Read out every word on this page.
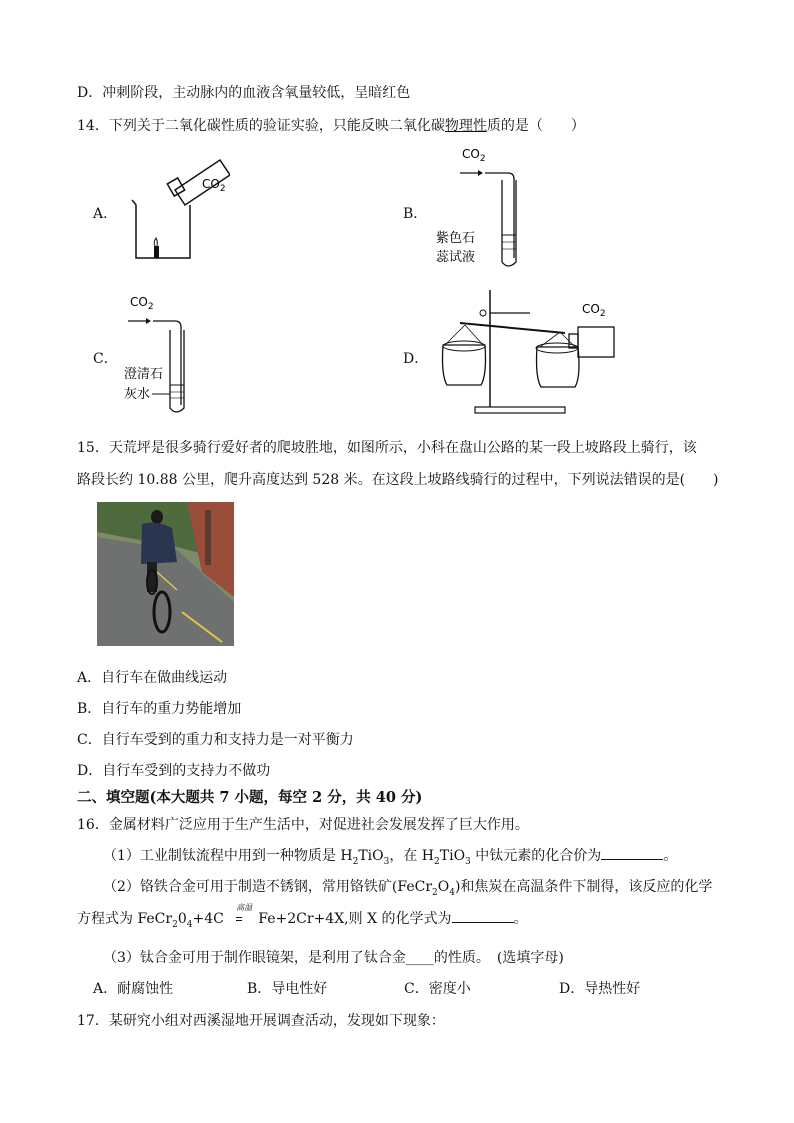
D．冲刺阶段，主动脉内的血液含氧量较低，呈暗红色
14．下列关于二氧化碳性质的验证实验，只能反映二氧化碳物理性质的是（　　）
A．
$CO_2$
B．
$CO_2$
紫色石
蕊试液
C．
$CO_2$
澄清石
灰水
D．
$CO_2$
15．天荒坪是很多骑行爱好者的爬坡胜地，如图所示，小科在盘山公路的某一段上坡路段上骑行，该
路段长约 10.88 公里，爬升高度达到 528 米。在这段上坡路线骑行的过程中，下列说法错误的是(　　)
A．自行车在做曲线运动
B．自行车的重力势能增加
C．自行车受到的重力和支持力是一对平衡力
D．自行车受到的支持力不做功
二、填空题(本大题共 7 小题，每空 2 分，共 40 分)
16．金属材料广泛应用于生产生活中，对促进社会发展发挥了巨大作用。
（1）工业制钛流程中用到一种物质是 $H_2TiO_3$，在 $H_2TiO_3$ 中钛元素的化合价为	。
（2）铬铁合金可用于制造不锈钢，常用铬铁矿$(FeCr_2O_4)$和焦炭在高温条件下制得，该反应的化学
方程式为 $FeCr_20_4+4C$
高温
Fe+2Cr+4X,则 X 的化学式为	。
（3）钛合金可用于制作眼镜架，是利用了钛合金____的性质。　(选填字母)
A．耐腐蚀性	B．导电性好	C．密度小	D．导热性好
17．某研究小组对西溪湿地开展调查活动，发现如下现象：
